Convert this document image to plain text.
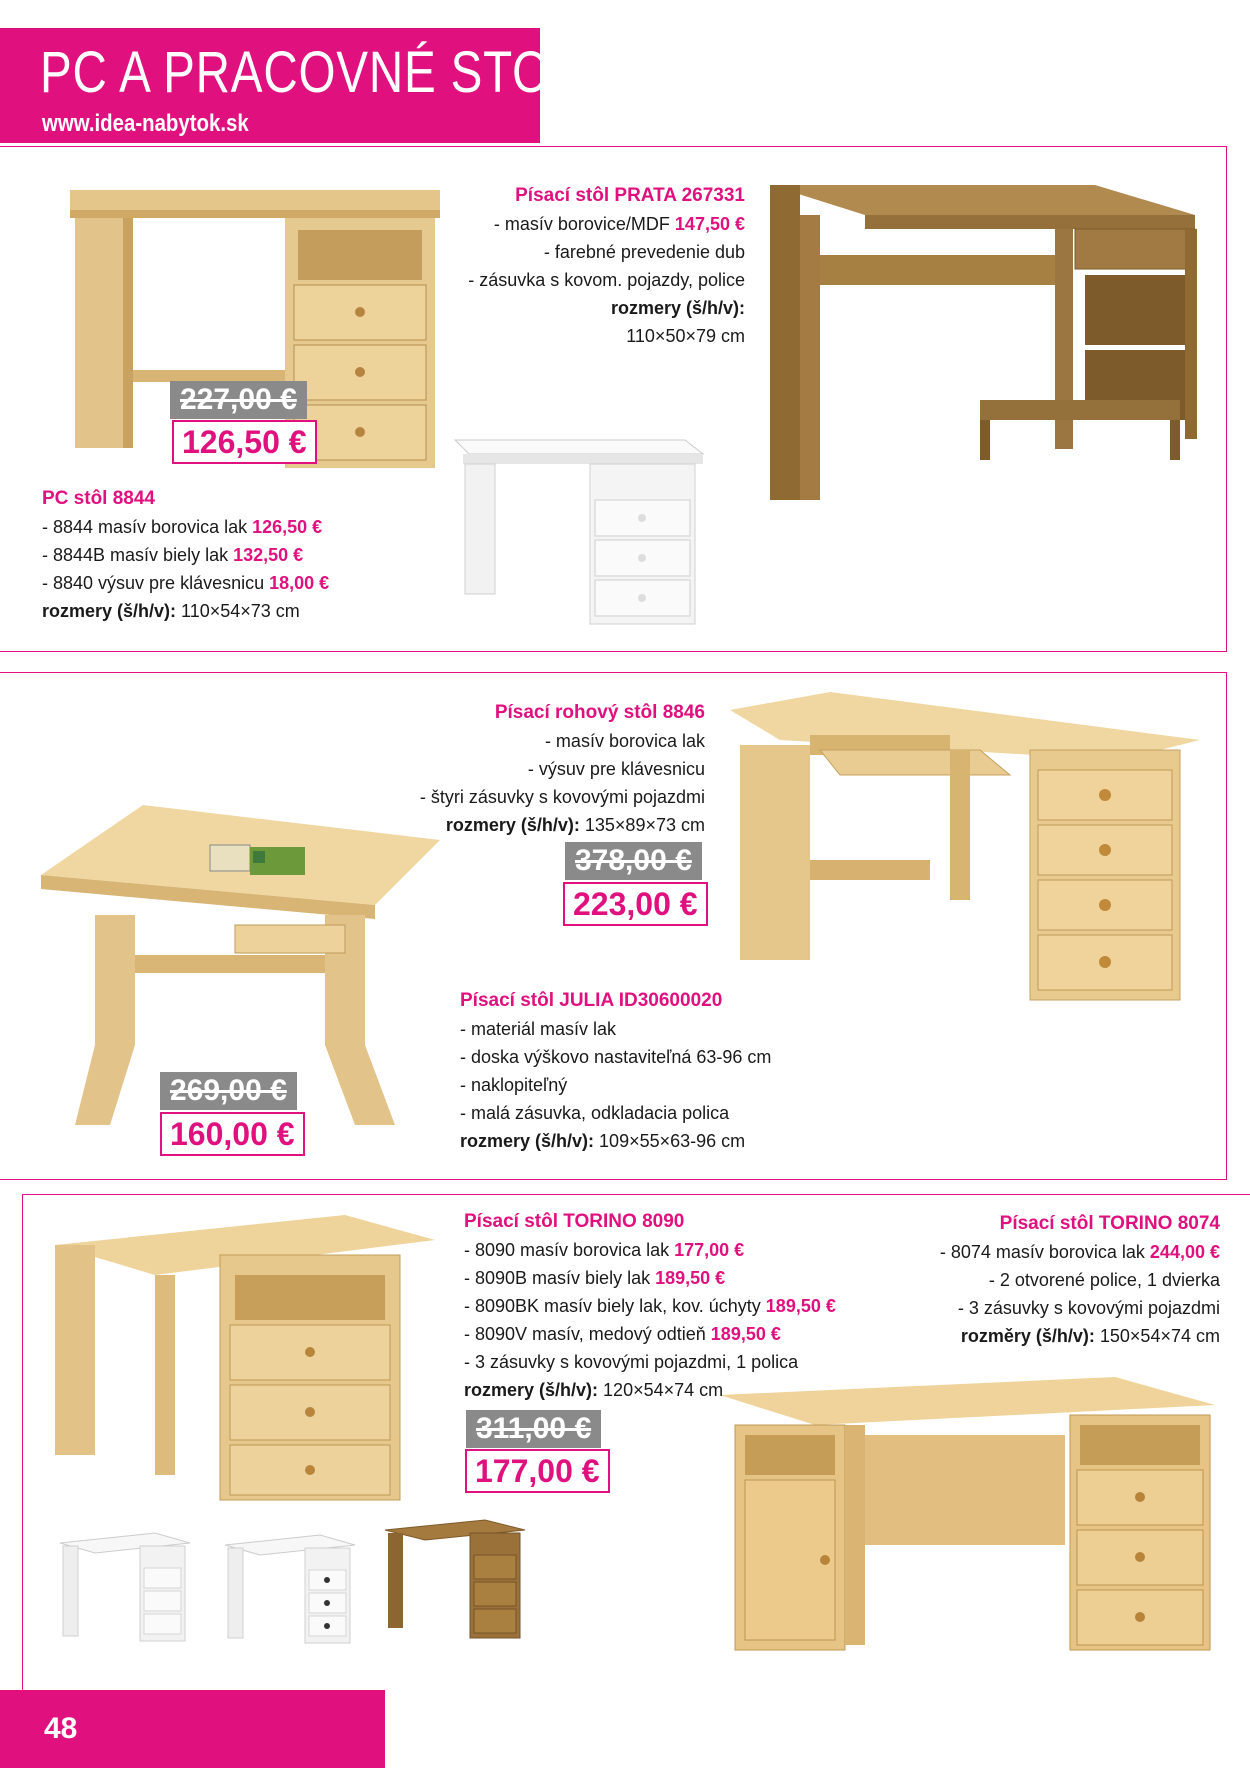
PC A PRACOVNÉ STOLY
www.idea-nabytok.sk
Písací stôl PRATA 267331
- masív borovice/MDF 147,50 €
- farebné prevedenie dub
- zásuvka s kovom. pojazdy, police
rozmery (š/h/v):
110×50×79 cm
227,00 €
126,50 €
PC stôl 8844
- 8844 masív borovica lak 126,50 €
- 8844B masív biely lak 132,50 €
- 8840 výsuv pre klávesnicu 18,00 €
rozmery (š/h/v): 110×54×73 cm
Písací rohový stôl 8846
- masív borovica lak
- výsuv pre klávesnicu
- štyri zásuvky s kovovými pojazdmi
rozmery (š/h/v): 135×89×73 cm
378,00 €
223,00 €
Písací stôl JULIA ID30600020
- materiál masív lak
- doska výškovo nastaviteľná 63-96 cm
- naklopiteľný
- malá zásuvka, odkladacia polica
rozmery (š/h/v): 109×55×63-96 cm
269,00 €
160,00 €
Písací stôl TORINO 8090
- 8090 masív borovica lak 177,00 €
- 8090B masív biely lak 189,50 €
- 8090BK masív biely lak, kov. úchyty 189,50 €
- 8090V masív, medový odtieň 189,50 €
- 3 zásuvky s kovovými pojazdmi, 1 polica
rozmery (š/h/v): 120×54×74 cm
311,00 €
177,00 €
Písací stôl TORINO 8074
- 8074 masív borovica lak 244,00 €
- 2 otvorené police, 1 dvierka
- 3 zásuvky s kovovými pojazdmi
rozměry (š/h/v): 150×54×74 cm
48
